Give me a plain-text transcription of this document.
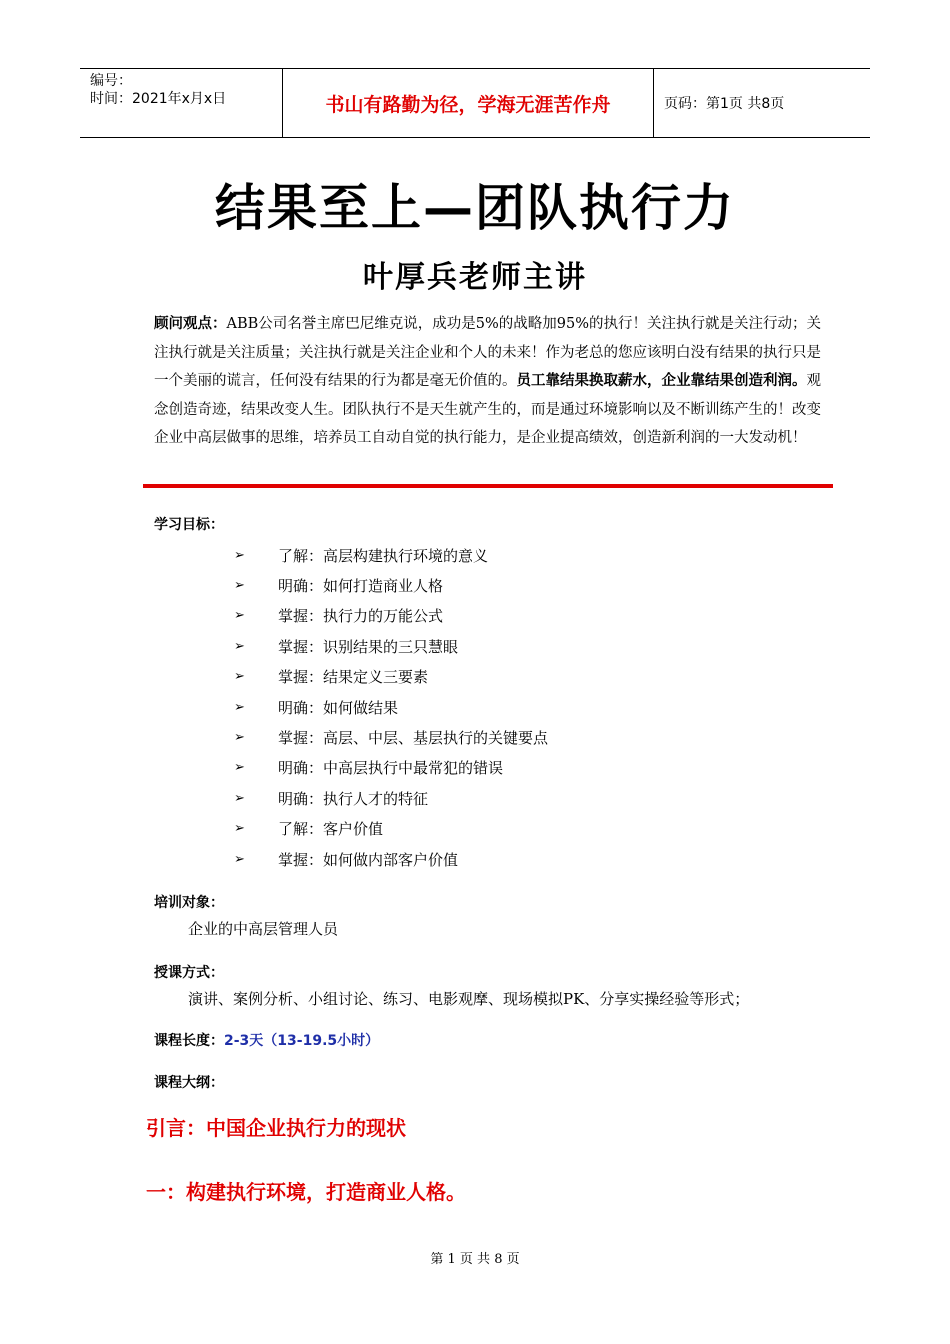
编号：
时间：2021年x月x日	书山有路勤为径，学海无涯苦作舟	页码：第1页 共8页
结果至上—团队执行力
叶厚兵老师主讲
顾问观点：ABB公司名誉主席巴尼维克说，成功是5%的战略加95%的执行！关注执行就是关注行动；关注执行就是关注质量；关注执行就是关注企业和个人的未来！作为老总的您应该明白没有结果的执行只是一个美丽的谎言，任何没有结果的行为都是毫无价值的。员工靠结果换取薪水，企业靠结果创造利润。观念创造奇迹，结果改变人生。团队执行不是天生就产生的，而是通过环境影响以及不断训练产生的！改变企业中高层做事的思维，培养员工自动自觉的执行能力，是企业提高绩效，创造新利润的一大发动机！
学习目标：
➢	了解：高层构建执行环境的意义
➢	明确：如何打造商业人格
➢	掌握：执行力的万能公式
➢	掌握：识别结果的三只慧眼
➢	掌握：结果定义三要素
➢	明确：如何做结果
➢	掌握：高层、中层、基层执行的关键要点
➢	明确：中高层执行中最常犯的错误
➢	明确：执行人才的特征
➢	了解：客户价值
➢	掌握：如何做内部客户价值
培训对象：
企业的中高层管理人员
授课方式：
演讲、案例分析、小组讨论、练习、电影观摩、现场模拟PK、分享实操经验等形式；
课程长度：2-3天（13-19.5小时）
课程大纲：
引言：中国企业执行力的现状
一：构建执行环境，打造商业人格。
第 1 页 共 8 页
